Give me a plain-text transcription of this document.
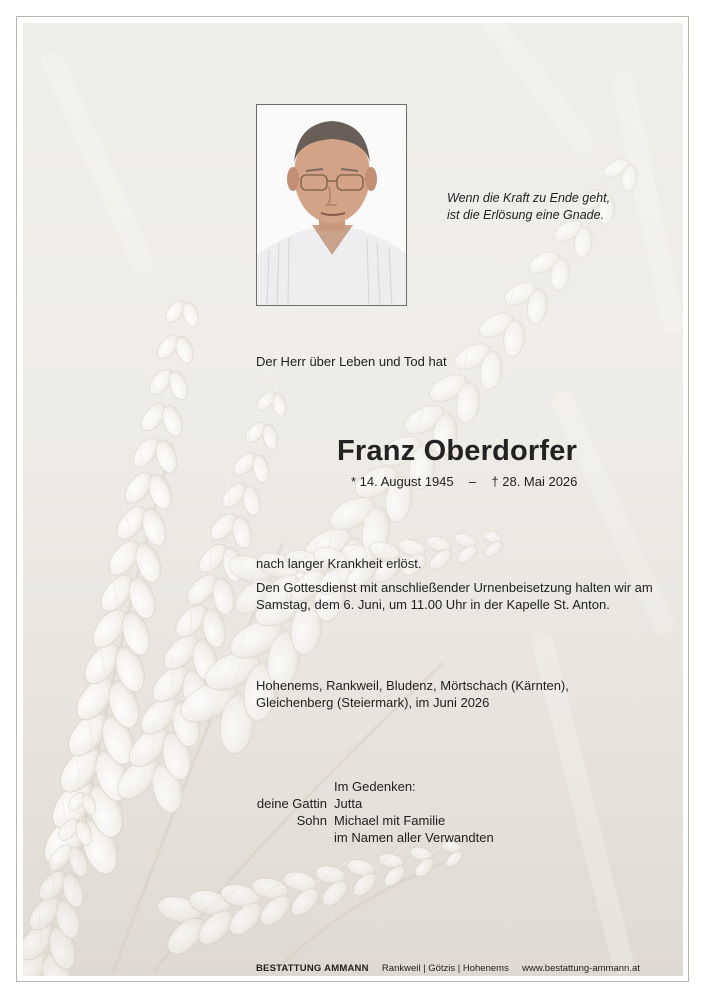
Wenn die Kraft zu Ende geht,

ist die Erlösung eine Gnade.

Der Herr über Leben und Tod hat

Franz Oberdorfer
* 14. August 1945 – † 28. Mai 2026

nach langer Krankheit erlöst.

Den Gottesdienst mit anschließender Urnenbeisetzung halten wir am

Samstag, dem 6. Juni, um 11.00 Uhr in der Kapelle St. Anton.

Hohenems, Rankweil, Bludenz, Mörtschach (Kärnten),

Gleichenberg (Steiermark), im Juni 2026

Im Gedenken:
deine Gattin Jutta
Sohn Michael mit Familie
im Namen aller Verwandten
BESTATTUNG AMMANN Rankweil | Götzis | Hohenems www.bestattung-ammann.at
